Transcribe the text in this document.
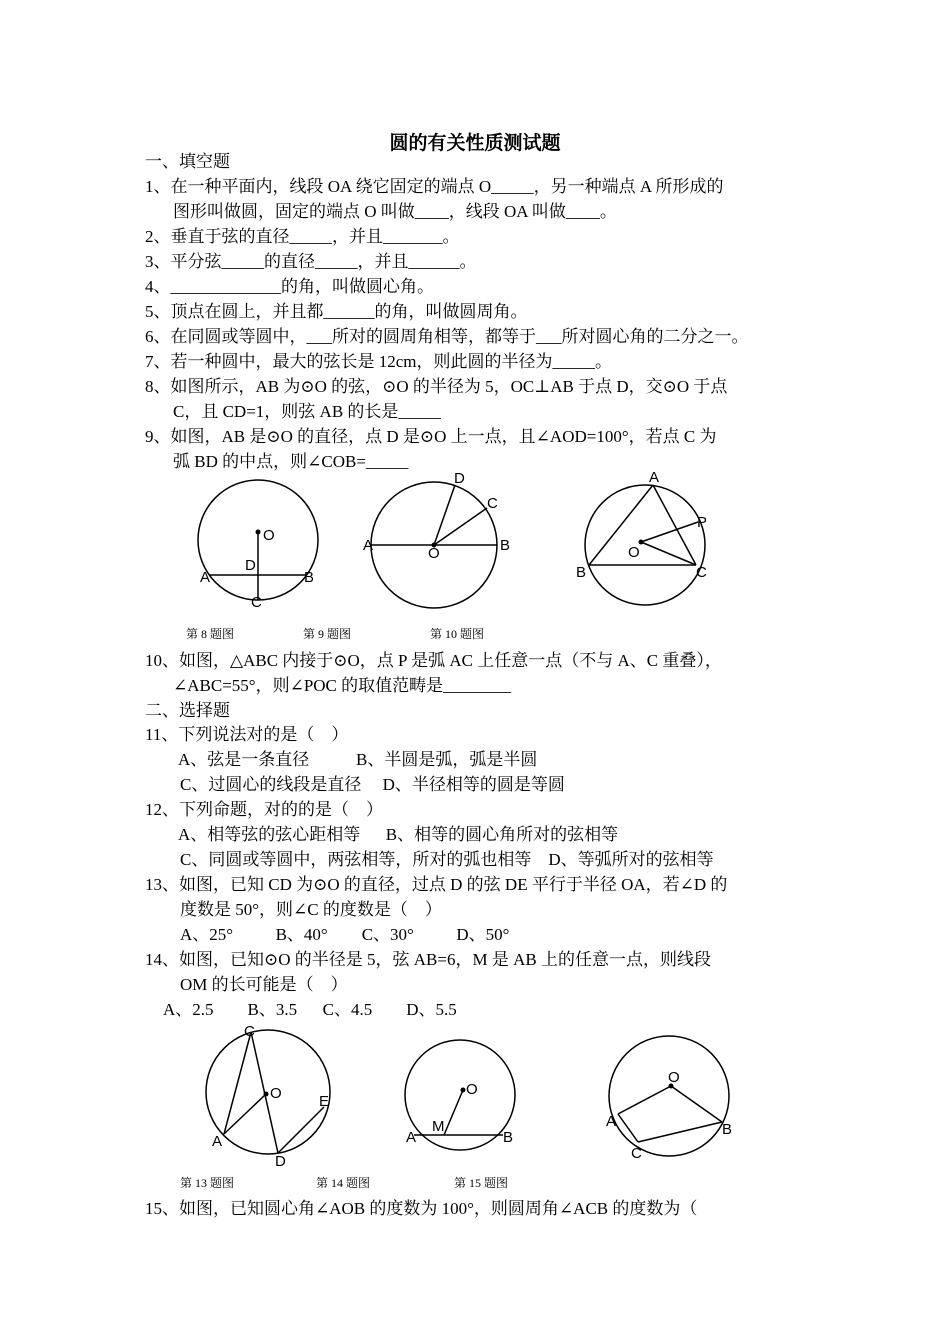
圆的有关性质测试题
一、填空题
1、在一种平面内，线段 OA 绕它固定的端点 O_____，另一种端点 A 所形成的
图形叫做圆，固定的端点 O 叫做____，线段 OA 叫做____。
2、垂直于弦的直径_____，并且_______。
3、平分弦_____的直径_____，并且______。
4、_____________的角，叫做圆心角。
5、顶点在圆上，并且都______的角，叫做圆周角。
6、在同圆或等圆中，___所对的圆周角相等，都等于___所对圆心角的二分之一。
7、若一种圆中，最大的弦长是 12cm，则此圆的半径为_____。
8、如图所示，AB 为⊙O 的弦，⊙O 的半径为 5，OC⊥AB 于点 D，交⊙O 于点
C，且 CD=1，则弦 AB 的长是_____
9、如图，AB 是⊙O 的直径，点 D 是⊙O 上一点，且∠AOD=100°，若点 C 为
弧 BD 的中点，则∠COB=_____
O
D
A	B
C
A	O	B
D
C
A
P
O
B	C
第 8 题图	第 9 题图	第 10 题图
10、如图，△ABC 内接于⊙O，点 P 是弧 AC 上任意一点（不与 A、C 重叠），
∠ABC=55°，则∠POC 的取值范畴是________
二、选择题
11、下列说法对的是（    ）
A、弦是一条直径           B、半圆是弧，弧是半圆
C、过圆心的线段是直径     D、半径相等的圆是等圆
12、下列命题，对的的是（    ）
A、相等弦的弦心距相等      B、相等的圆心角所对的弦相等
C、同圆或等圆中，两弦相等，所对的弧也相等    D、等弧所对的弦相等
13、如图，已知 CD 为⊙O 的直径，过点 D 的弦 DE 平行于半径 OA，若∠D 的
度数是 50°，则∠C 的度数是（    ）
A、25°          B、40°        C、30°          D、50°
14、如图，已知⊙O 的半径是 5，弦 AB=6，M 是 AB 上的任意一点，则线段
OM 的长可能是（    ）
A、2.5        B、3.5      C、4.5        D、5.5
C
O E
A
D
O
A
M
B
O
A	B
C
第 13 题图	第 14 题图	第 15 题图
15、如图，已知圆心角∠AOB 的度数为 100°，则圆周角∠ACB 的度数为（
